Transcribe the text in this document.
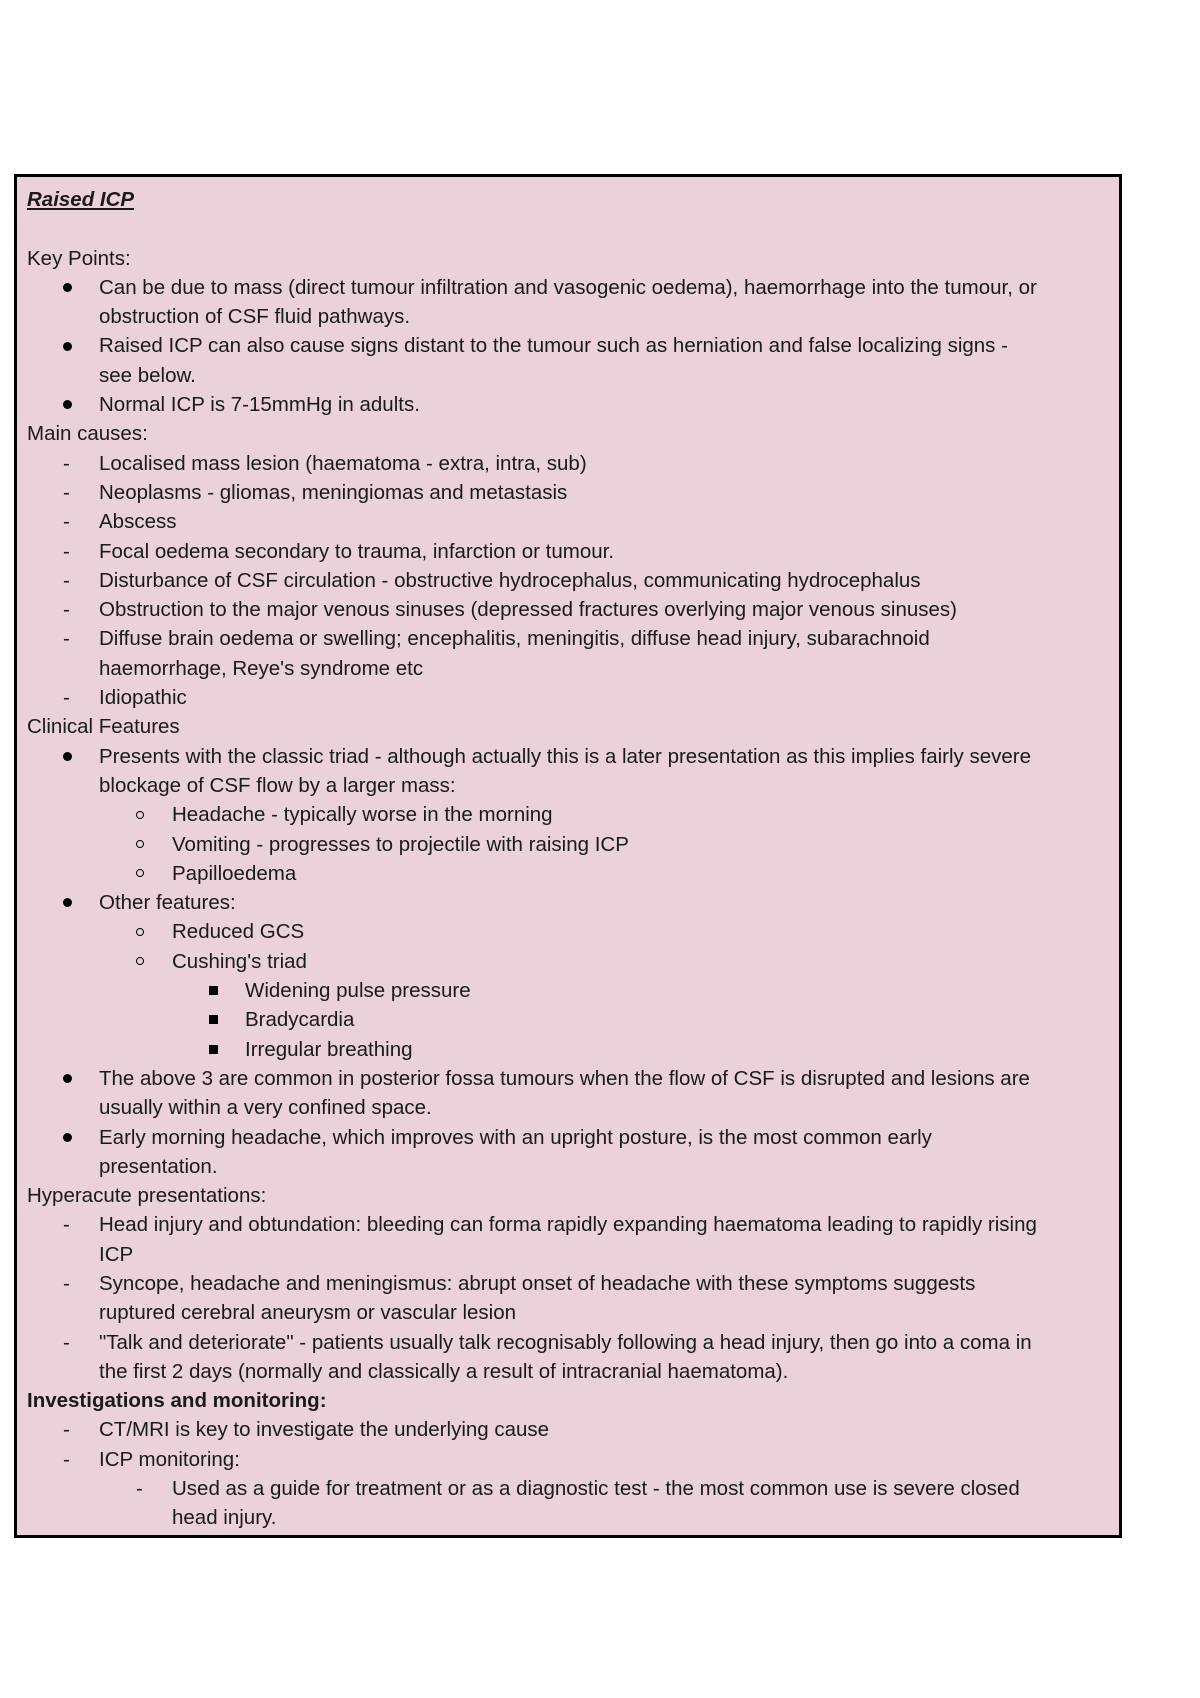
Raised ICP
Key Points:
Can be due to mass (direct tumour infiltration and vasogenic oedema), haemorrhage into the tumour, or
obstruction of CSF fluid pathways.
Raised ICP can also cause signs distant to the tumour such as herniation and false localizing signs -
see below.
Normal ICP is 7-15mmHg in adults.
Main causes:
- Localised mass lesion (haematoma - extra, intra, sub)
- Neoplasms - gliomas, meningiomas and metastasis
- Abscess
- Focal oedema secondary to trauma, infarction or tumour.
- Disturbance of CSF circulation - obstructive hydrocephalus, communicating hydrocephalus
- Obstruction to the major venous sinuses (depressed fractures overlying major venous sinuses)
- Diffuse brain oedema or swelling; encephalitis, meningitis, diffuse head injury, subarachnoid
haemorrhage, Reye's syndrome etc
- Idiopathic
Clinical Features
Presents with the classic triad - although actually this is a later presentation as this implies fairly severe
blockage of CSF flow by a larger mass:
Headache - typically worse in the morning
Vomiting - progresses to projectile with raising ICP
Papilloedema
Other features:
Reduced GCS
Cushing's triad
Widening pulse pressure
Bradycardia
Irregular breathing
The above 3 are common in posterior fossa tumours when the flow of CSF is disrupted and lesions are
usually within a very confined space.
Early morning headache, which improves with an upright posture, is the most common early
presentation.
Hyperacute presentations:
- Head injury and obtundation: bleeding can forma rapidly expanding haematoma leading to rapidly rising
ICP
- Syncope, headache and meningismus: abrupt onset of headache with these symptoms suggests
ruptured cerebral aneurysm or vascular lesion
- "Talk and deteriorate" - patients usually talk recognisably following a head injury, then go into a coma in
the first 2 days (normally and classically a result of intracranial haematoma).
Investigations and monitoring:
- CT/MRI is key to investigate the underlying cause
- ICP monitoring:
- Used as a guide for treatment or as a diagnostic test - the most common use is severe closed
head injury.
